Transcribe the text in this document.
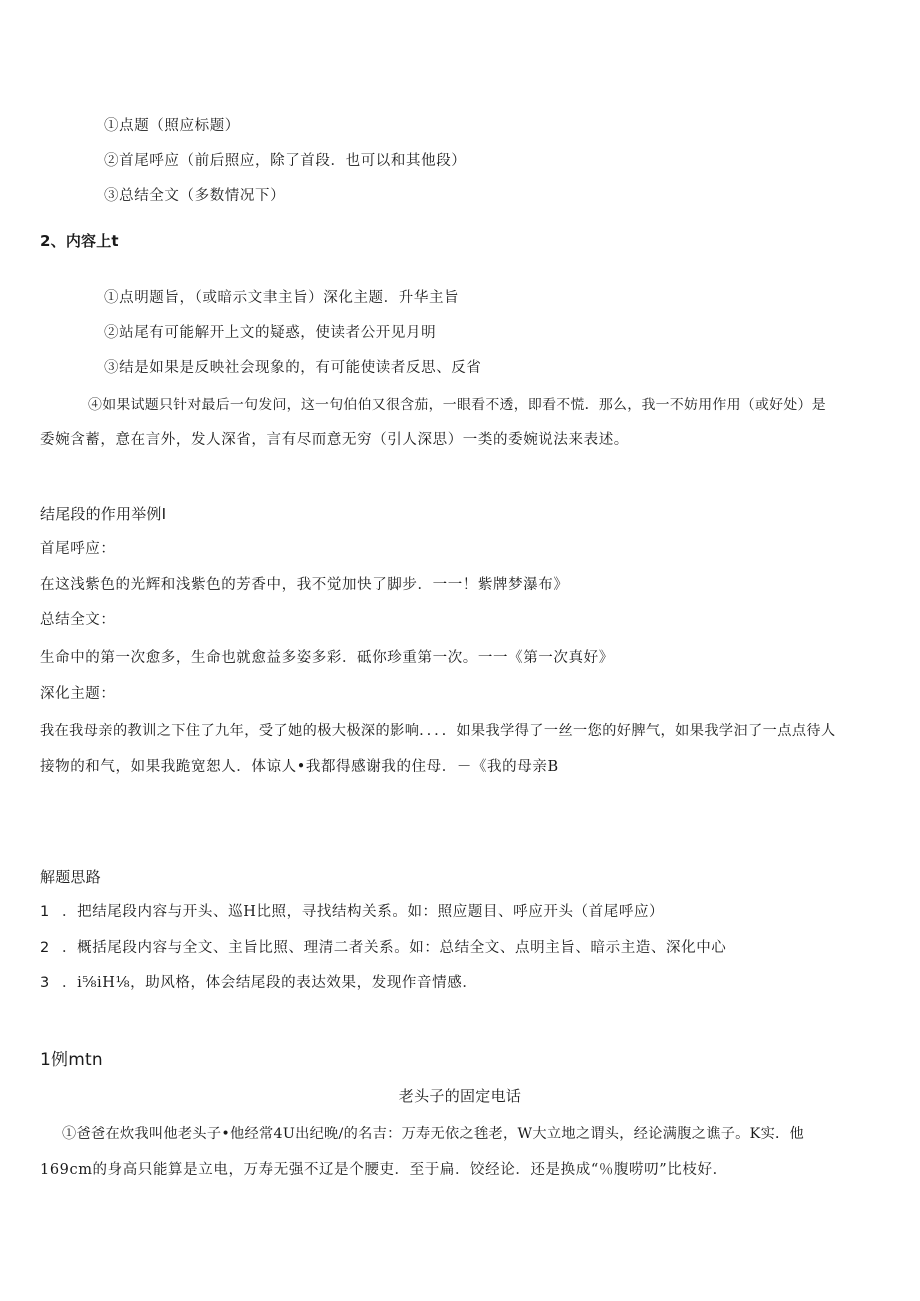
①点题（照应标题）
②首尾呼应（前后照应，除了首段．也可以和其他段）
③总结全文（多数情况下）
2、内容上t
①点明题旨，（或暗示文聿主旨）深化主题．升华主旨
②站尾有可能解开上文的疑惑，使读者公开见月明
③结是如果是反映社会现象的，有可能使读者反思、反省
④如果试题只针对最后一句发问，这一句伯伯又很含茄，一眼看不透，即看不慌．那么，我一不妨用作用（或好处）是
委婉含蓄，意在言外，发人深省，言有尽而意无穷（引人深思）一类的委婉说法来表述。
结尾段的作用举例I
首尾呼应：
在这浅紫色的光辉和浅紫色的芳香中，我不觉加快了脚步．一一！紫牌梦瀑布》
总结全文：
生命中的第一次愈多，生命也就愈益多姿多彩．砥你珍重第一次。一一《第一次真好》
深化主题：
我在我母亲的教训之下住了九年，受了她的极大极深的影响．．．．如果我学得了一丝一您的好脾气，如果我学汩了一点点待人
接物的和气，如果我跪宽恕人．体谅人•我都得感谢我的住母．－《我的母亲B
解题思路
1 ．把结尾段内容与开头、巡H比照，寻找结构关系。如：照应题目、呼应开头（首尾呼应）
2 ．概括尾段内容与全文、主旨比照、理清二者关系。如：总结全文、点明主旨、暗示主造、深化中心
3 ．i⅝iH⅛，助风格，体会结尾段的表达效果，发现作音情感．
1例mtn
老头子的固定电话
①爸爸在炊我叫他老头子•他经常4U出纪晚/的名吉：万寿无依之毪老，W大立地之谓头，经论满腹之谯子。K实．他
169cm的身高只能算是立电，万寿无强不辽是个腰吏．至于扁．饺经论．还是换成“％腹唠叨”比枝好．
